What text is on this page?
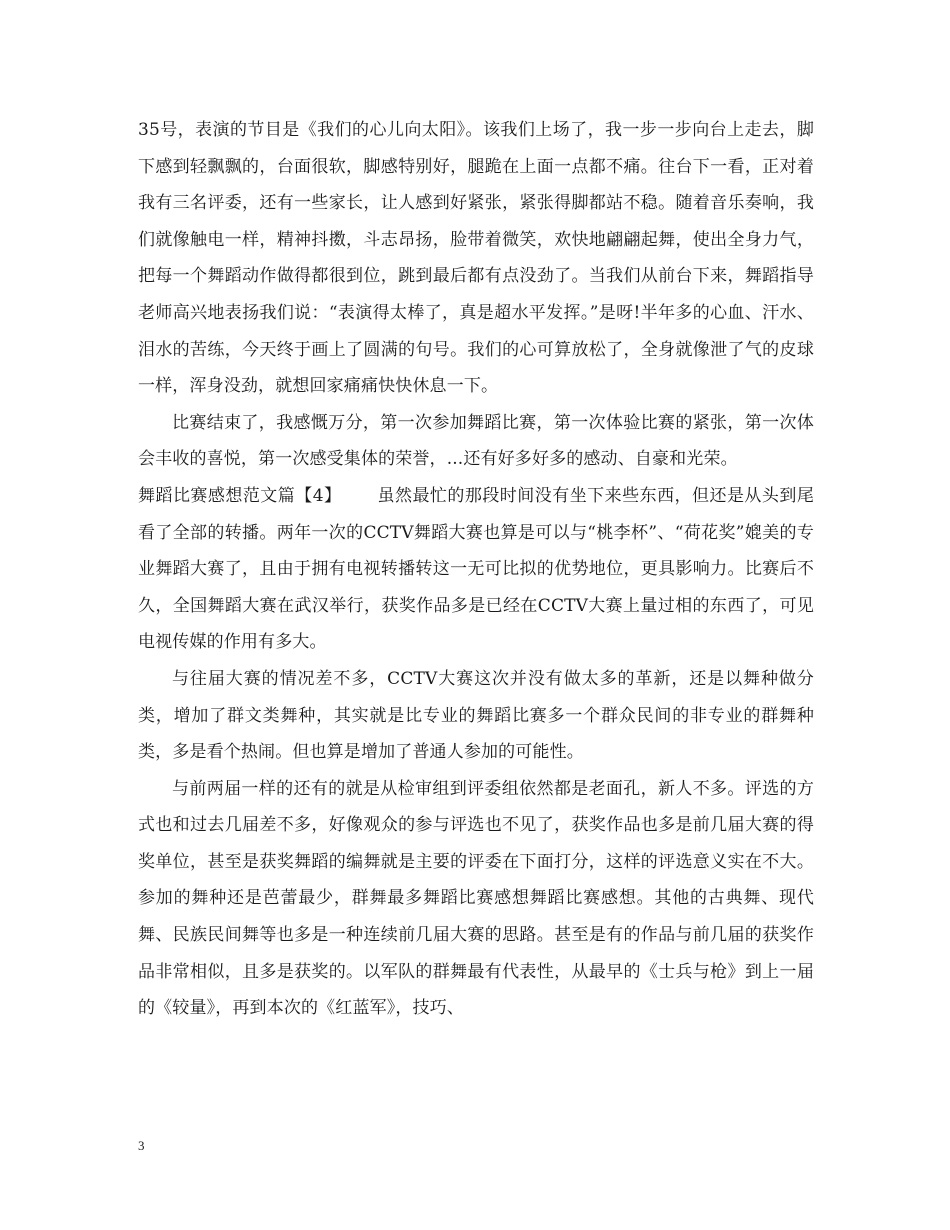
35号，表演的节目是《我们的心儿向太阳》。该我们上场了，我一步一步向台上走去，脚下感到轻飘飘的，台面很软，脚感特别好，腿跪在上面一点都不痛。往台下一看，正对着我有三名评委，还有一些家长，让人感到好紧张，紧张得脚都站不稳。随着音乐奏响，我们就像触电一样，精神抖擞，斗志昂扬，脸带着微笑，欢快地翩翩起舞，使出全身力气，把每一个舞蹈动作做得都很到位，跳到最后都有点没劲了。当我们从前台下来，舞蹈指导老师高兴地表扬我们说：“表演得太棒了，真是超水平发挥。”是呀!半年多的心血、汗水、泪水的苦练，今天终于画上了圆满的句号。我们的心可算放松了，全身就像泄了气的皮球一样，浑身没劲，就想回家痛痛快快休息一下。

比赛结束了，我感慨万分，第一次参加舞蹈比赛，第一次体验比赛的紧张，第一次体会丰收的喜悦，第一次感受集体的荣誉，...还有好多好多的感动、自豪和光荣。

舞蹈比赛感想范文篇【4】 虽然最忙的那段时间没有坐下来些东西，但还是从头到尾看了全部的转播。两年一次的CCTV舞蹈大赛也算是可以与“桃李杯”、“荷花奖”媲美的专业舞蹈大赛了，且由于拥有电视转播转这一无可比拟的优势地位，更具影响力。比赛后不久，全国舞蹈大赛在武汉举行，获奖作品多是已经在CCTV大赛上量过相的东西了，可见电视传媒的作用有多大。

与往届大赛的情况差不多，CCTV大赛这次并没有做太多的革新，还是以舞种做分类，增加了群文类舞种，其实就是比专业的舞蹈比赛多一个群众民间的非专业的群舞种类，多是看个热闹。但也算是增加了普通人参加的可能性。

与前两届一样的还有的就是从检审组到评委组依然都是老面孔，新人不多。评选的方式也和过去几届差不多，好像观众的参与评选也不见了，获奖作品也多是前几届大赛的得奖单位，甚至是获奖舞蹈的编舞就是主要的评委在下面打分，这样的评选意义实在不大。参加的舞种还是芭蕾最少，群舞最多舞蹈比赛感想舞蹈比赛感想。其他的古典舞、现代舞、民族民间舞等也多是一种连续前几届大赛的思路。甚至是有的作品与前几届的获奖作品非常相似，且多是获奖的。以军队的群舞最有代表性，从最早的《士兵与枪》到上一届的《较量》，再到本次的《红蓝军》，技巧、

3
